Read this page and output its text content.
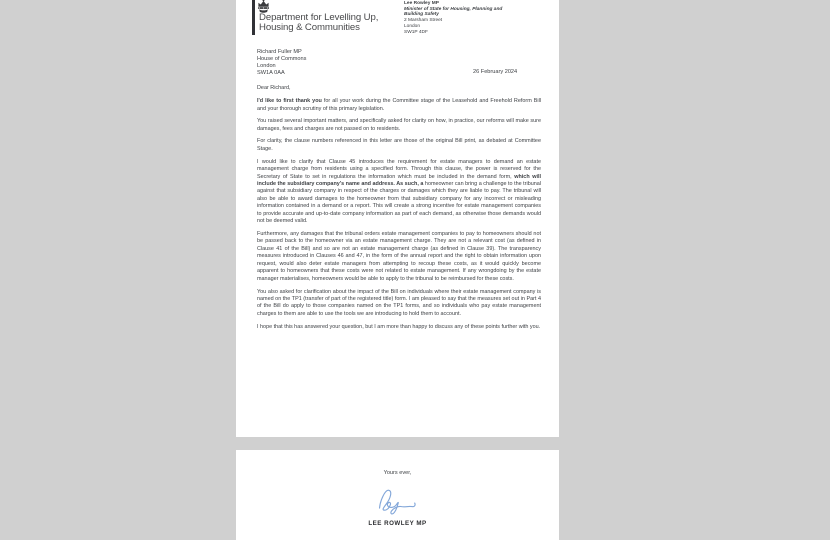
Department for Levelling Up,
Housing & Communities
Lee Rowley MP
Minister of State for Housing, Planning and
Building Safety
2 Marsham Street
London
SW1P 4DF
Richard Fuller MP
House of Commons
London
SW1A 0AA	26 February 2024

Dear Richard,

I'd like to first thank you for all your work during the Committee stage of the Leasehold and Freehold Reform Bill and your thorough scrutiny of this primary legislation.

You raised several important matters, and specifically asked for clarity on how, in practice, our reforms will make sure damages, fees and charges are not passed on to residents.

For clarity, the clause numbers referenced in this letter are those of the original Bill print, as debated at Committee Stage.

I would like to clarify that Clause 45 introduces the requirement for estate managers to demand an estate management charge from residents using a specified form. Through this clause, the power is reserved for the Secretary of State to set in regulations the information which must be included in the demand form, which will include the subsidiary company's name and address. As such, a homeowner can bring a challenge to the tribunal against that subsidiary company in respect of the charges or damages which they are liable to pay. The tribunal will also be able to award damages to the homeowner from that subsidiary company for any incorrect or misleading information contained in a demand or a report. This will create a strong incentive for estate management companies to provide accurate and up-to-date company information as part of each demand, as otherwise those demands would not be deemed valid.

Furthermore, any damages that the tribunal orders estate management companies to pay to homeowners should not be passed back to the homeowner via an estate management charge. They are not a relevant cost (as defined in Clause 41 of the Bill) and so are not an estate management charge (as defined in Clause 39). The transparency measures introduced in Clauses 46 and 47, in the form of the annual report and the right to obtain information upon request, would also deter estate managers from attempting to recoup these costs, as it would quickly become apparent to homeowners that these costs were not related to estate management. If any wrongdoing by the estate manager materialises, homeowners would be able to apply to the tribunal to be reimbursed for these costs.

You also asked for clarification about the impact of the Bill on individuals where their estate management company is named on the TP1 (transfer of part of the registered title) form. I am pleased to say that the measures set out in Part 4 of the Bill do apply to those companies named on the TP1 forms, and so individuals who pay estate management charges to them are able to use the tools we are introducing to hold them to account.

I hope that this has answered your question, but I am more than happy to discuss any of these points further with you.

Yours ever,
LEE ROWLEY MP
